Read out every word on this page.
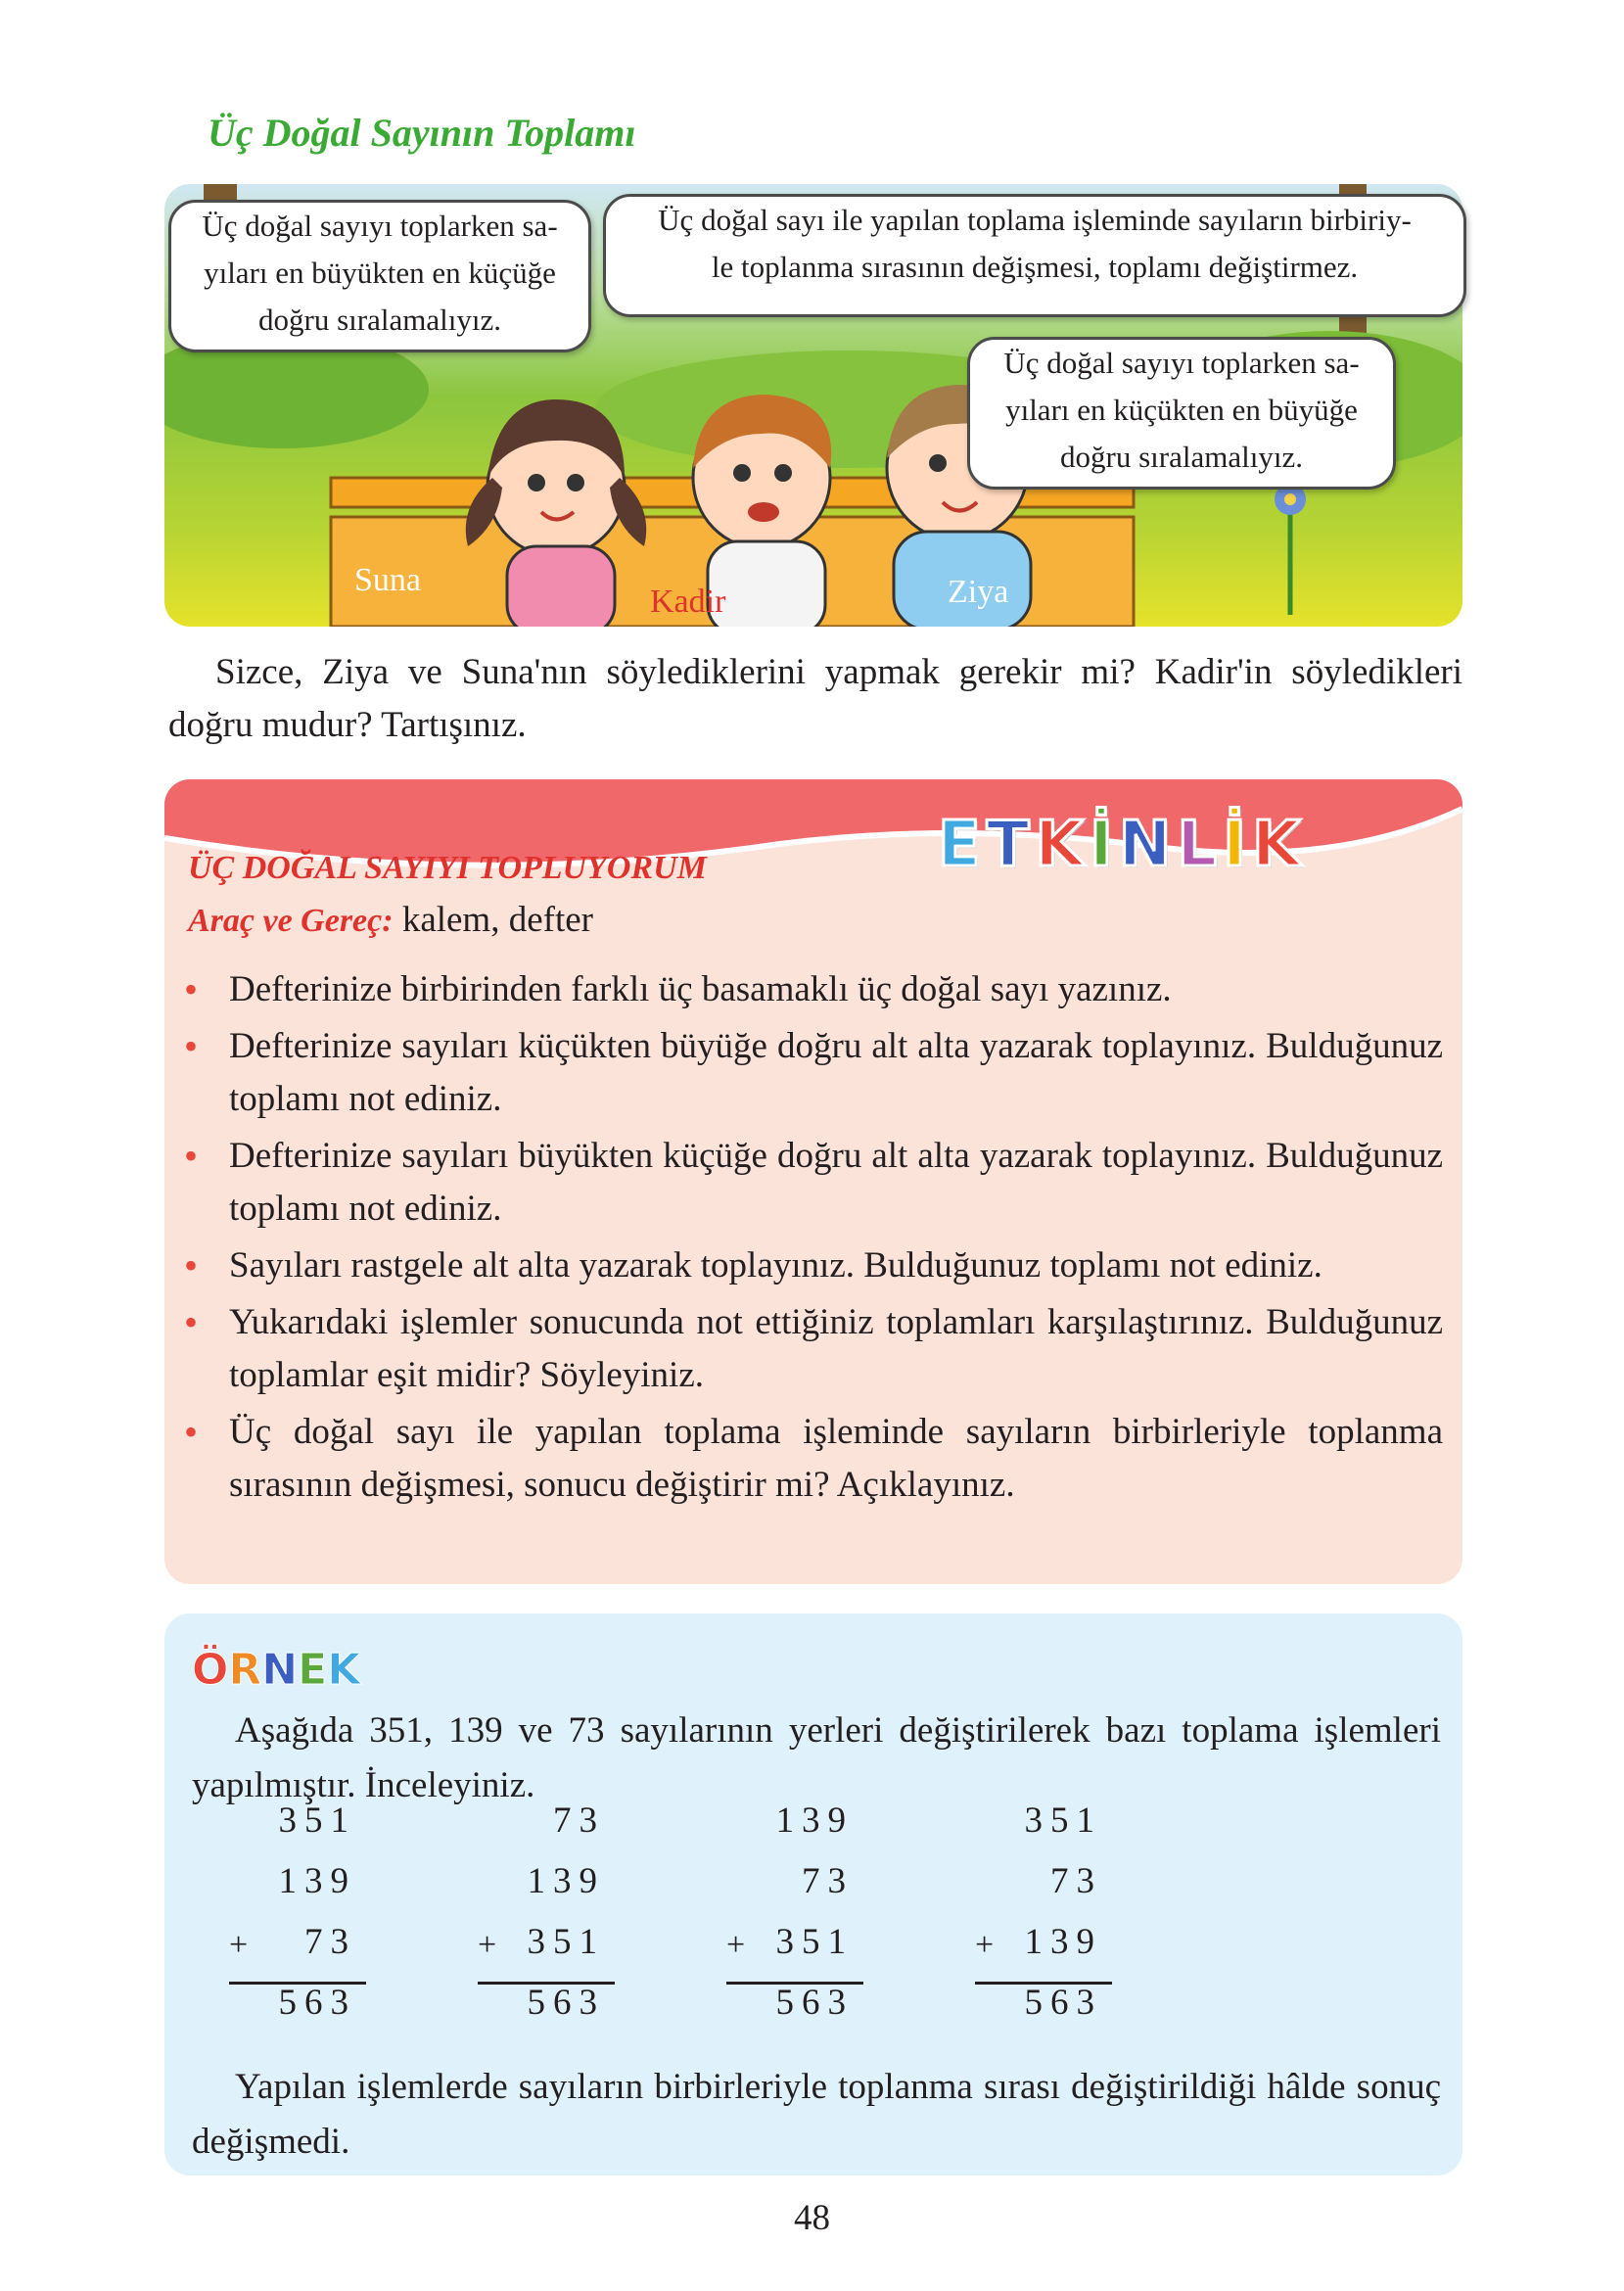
Üç Doğal Sayının Toplamı
Üç doğal sayıyı toplarken sa-
yıları en büyükten en küçüğe
doğru sıralamalıyız.
Üç doğal sayı ile yapılan toplama işleminde sayıların birbiriy-
le toplanma sırasının değişmesi, toplamı değiştirmez.
Üç doğal sayıyı toplarken sa-
yıları en küçükten en büyüğe
doğru sıralamalıyız.
Suna
Kadir	Ziya
Sizce, Ziya ve Suna'nın söylediklerini yapmak gerekir mi? Kadir'in söyledikleri doğru mudur? Tartışınız.
E T K İ N L İ K
ÜÇ DOĞAL SAYIYI TOPLUYORUM
Araç ve Gereç: kalem, defter
• Defterinize birbirinden farklı üç basamaklı üç doğal sayı yazınız.
• Defterinize sayıları küçükten büyüğe doğru alt alta yazarak toplayınız. Bulduğunuz toplamı not ediniz.
• Defterinize sayıları büyükten küçüğe doğru alt alta yazarak toplayınız. Bulduğunuz toplamı not ediniz.
• Sayıları rastgele alt alta yazarak toplayınız. Bulduğunuz toplamı not ediniz.
• Yukarıdaki işlemler sonucunda not ettiğiniz toplamları karşılaştırınız. Bulduğunuz toplamlar eşit midir? Söyleyiniz.
• Üç doğal sayı ile yapılan toplama işleminde sayıların birbirleriyle toplanma sırasının değişmesi, sonucu değiştirir mi? Açıklayınız.
Ö R N E K
Aşağıda 351, 139 ve 73 sayılarının yerleri değiştirilerek bazı toplama işlemleri yapılmıştır. İnceleyiniz.
351
139
73
+
563
73
139
351
+
563
139
73
351
+
563
351
73
139
+
563
Yapılan işlemlerde sayıların birbirleriyle toplanma sırası değiştirildiği hâlde sonuç değişmedi.
48
